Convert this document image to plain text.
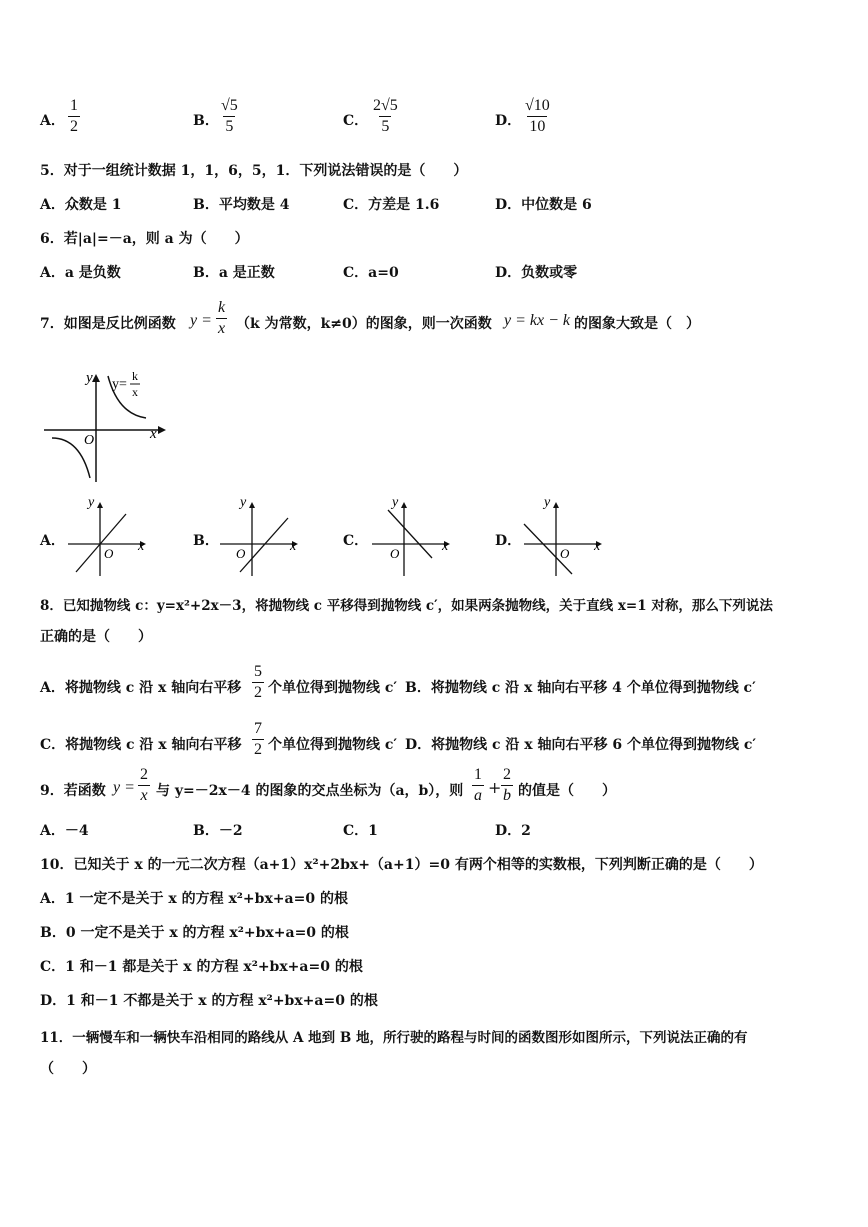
A． $\frac{1}{2}$	B． $\frac{√5}{5}$	C． $\frac{2√5}{5}$	D． $\frac{√10}{10}$
5．对于一组统计数据 1，1，6，5，1．下列说法错误的是（　　）
A．众数是 1	B．平均数是 4	C．方差是 1.6	D．中位数是 6
6．若|a|=－a，则 a 为（　　）
A．a 是负数	B．a 是正数	C．a=0	D．负数或零
7．如图是反比例函数 $y = \frac{k}{x} (k$ 为常数，k≠0）的图象，则一次函数 y = kx − k 的图象大致是（　）
y
x
O
y=
k
x
A．
y
x
O
B．
y
x
O
C．
y
x
O
D．
y
x
O
8．已知抛物线 c：y=x²+2x－3，将抛物线 c 平移得到抛物线 c′，如果两条抛物线，关于直线 x=1 对称，那么下列说法
正确的是（　　）
A．将抛物线 c 沿 x 轴向右平移 $\frac{5}{2}$ 个单位得到抛物线 c′ B．将抛物线 c 沿 x 轴向右平移 4 个单位得到抛物线 c′
C．将抛物线 c 沿 x 轴向右平移 $\frac{7}{2}$ 个单位得到抛物线 c′ D．将抛物线 c 沿 x 轴向右平移 6 个单位得到抛物线 c′
9．若函数 $y = \frac{2}{x}$ 与 y=－2x－4 的图象的交点坐标为（a，b），则 $\frac{1}{a} + \frac{2}{b}$ 的值是（　　）
A．－4	B．－2	C．1	D．2
10．已知关于 x 的一元二次方程（a+1）x²+2bx+（a+1）=0 有两个相等的实数根，下列判断正确的是（　　）
A．1 一定不是关于 x 的方程 x²+bx+a=0 的根
B．0 一定不是关于 x 的方程 x²+bx+a=0 的根
C．1 和－1 都是关于 x 的方程 x²+bx+a=0 的根
D．1 和－1 不都是关于 x 的方程 x²+bx+a=0 的根
11．一辆慢车和一辆快车沿相同的路线从 A 地到 B 地，所行驶的路程与时间的函数图形如图所示，下列说法正确的有
（　　）
